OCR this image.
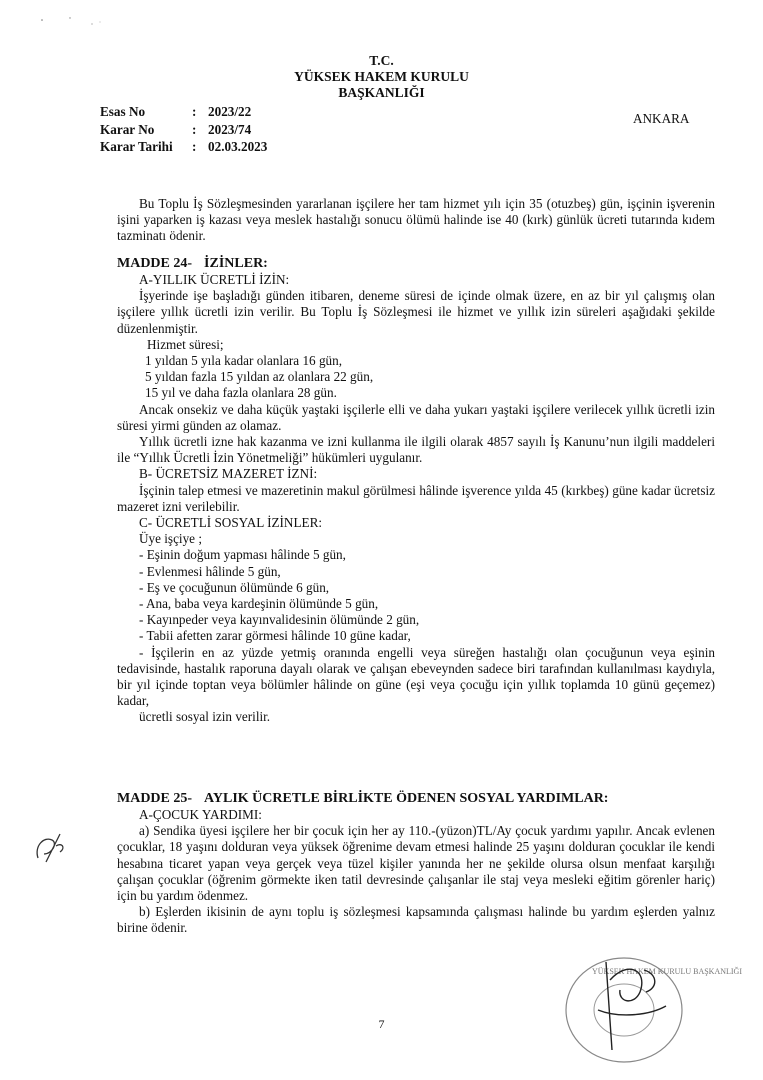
T.C.
YÜKSEK HAKEM KURULU
BAŞKANLIĞI
Esas No	: 2023/22
Karar No	: 2023/74
Karar Tarihi	: 02.03.2023
ANKARA

Bu Toplu İş Sözleşmesinden yararlanan işçilere her tam hizmet yılı için 35 (otuzbeş) gün, işçinin işverenin işini yaparken iş kazası veya meslek hastalığı sonucu ölümü halinde ise 40 (kırk) günlük ücreti tutarında kıdem tazminatı ödenir.

MADDE 24- İZİNLER:

A-YILLIK ÜCRETLİ İZİN:

İşyerinde işe başladığı günden itibaren, deneme süresi de içinde olmak üzere, en az bir yıl çalışmış olan işçilere yıllık ücretli izin verilir. Bu Toplu İş Sözleşmesi ile hizmet ve yıllık izin süreleri aşağıdaki şekilde düzenlenmiştir.

Hizmet süresi;

1 yıldan 5 yıla kadar olanlara 16 gün,
5 yıldan fazla 15 yıldan az olanlara 22 gün,
15 yıl ve daha fazla olanlara 28 gün.

Ancak onsekiz ve daha küçük yaştaki işçilerle elli ve daha yukarı yaştaki işçilere verilecek yıllık ücretli izin süresi yirmi günden az olamaz.

Yıllık ücretli izne hak kazanma ve izni kullanma ile ilgili olarak 4857 sayılı İş Kanunu’nun ilgili maddeleri ile “Yıllık Ücretli İzin Yönetmeliği” hükümleri uygulanır.

B- ÜCRETSİZ MAZERET İZNİ:

İşçinin talep etmesi ve mazeretinin makul görülmesi hâlinde işverence yılda 45 (kırkbeş) güne kadar ücretsiz mazeret izni verilebilir.

C- ÜCRETLİ SOSYAL İZİNLER:

Üye işçiye ;

- Eşinin doğum yapması hâlinde 5 gün,
- Evlenmesi hâlinde 5 gün,
- Eş ve çocuğunun ölümünde 6 gün,
- Ana, baba veya kardeşinin ölümünde 5 gün,
- Kayınpeder veya kayınvalidesinin ölümünde 2 gün,
- Tabii afetten zarar görmesi hâlinde 10 güne kadar,

- İşçilerin en az yüzde yetmiş oranında engelli veya süreğen hastalığı olan çocuğunun veya eşinin tedavisinde, hastalık raporuna dayalı olarak ve çalışan ebeveynden sadece biri tarafından kullanılması kaydıyla, bir yıl içinde toptan veya bölümler hâlinde on güne (eşi veya çocuğu için yıllık toplamda 10 günü geçemez) kadar,

ücretli sosyal izin verilir.

MADDE 25- AYLIK ÜCRETLE BİRLİKTE ÖDENEN SOSYAL YARDIMLAR:

A-ÇOCUK YARDIMI:

a) Sendika üyesi işçilere her bir çocuk için her ay 110.-(yüzon)TL/Ay çocuk yardımı yapılır. Ancak evlenen çocuklar, 18 yaşını dolduran veya yüksek öğrenime devam etmesi halinde 25 yaşını dolduran çocuklar ile kendi hesabına ticaret yapan veya gerçek veya tüzel kişiler yanında her ne şekilde olursa olsun menfaat karşılığı çalışan çocuklar (öğrenim görmekte iken tatil devresinde çalışanlar ile staj veya mesleki eğitim görenler hariç) için bu yardım ödenmez.

b) Eşlerden ikisinin de aynı toplu iş sözleşmesi kapsamında çalışması halinde bu yardım eşlerden yalnız birine ödenir.

7
YÜKSEK HAKEM KURULU BAŞKANLIĞI
